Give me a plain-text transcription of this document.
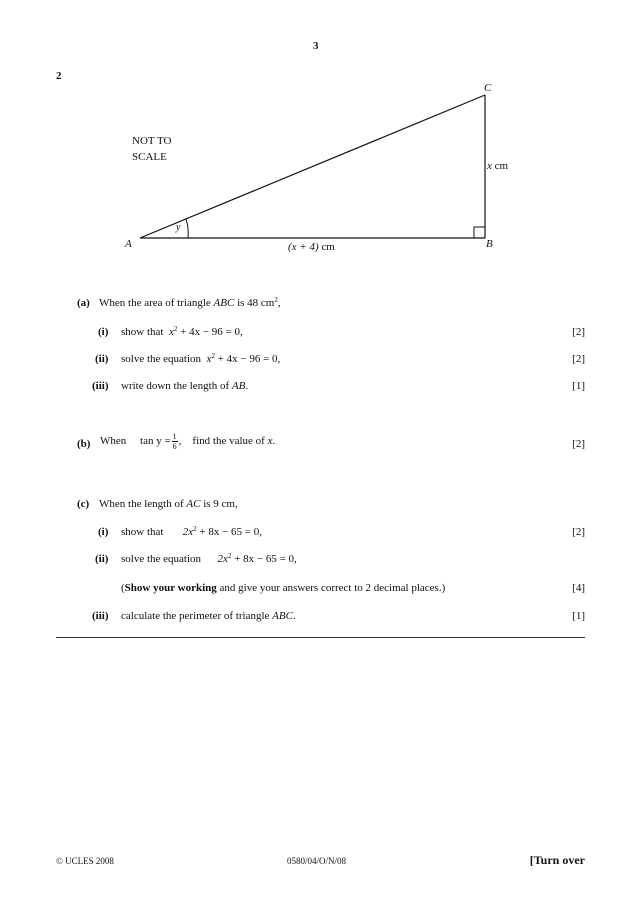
3
2
C
A	B
y
x cm
(x + 4) cm
NOT TO
SCALE
(a) When the area of triangle ABC is 48 $cm^2$,
(i) show that $x^2 + 4x - 96 = 0$,	[2]
(ii) solve the equation $x^2 + 4x - 96 = 0$,	[2]
(iii) write down the length of AB.	[1]
(b) When $\tan y = \frac{1}{6}$ , find the value of x.	[2]
(c) When the length of AC is 9 cm,
(i) show that $2x^2 + 8x - 65 = 0$,	[2]
(ii) solve the equation $2x^2 + 8x - 65 = 0$,
(Show your working and give your answers correct to 2 decimal places.)	[4]
(iii) calculate the perimeter of triangle ABC.	[1]
© UCLES 2008	0580/04/O/N/08	[Turn over
